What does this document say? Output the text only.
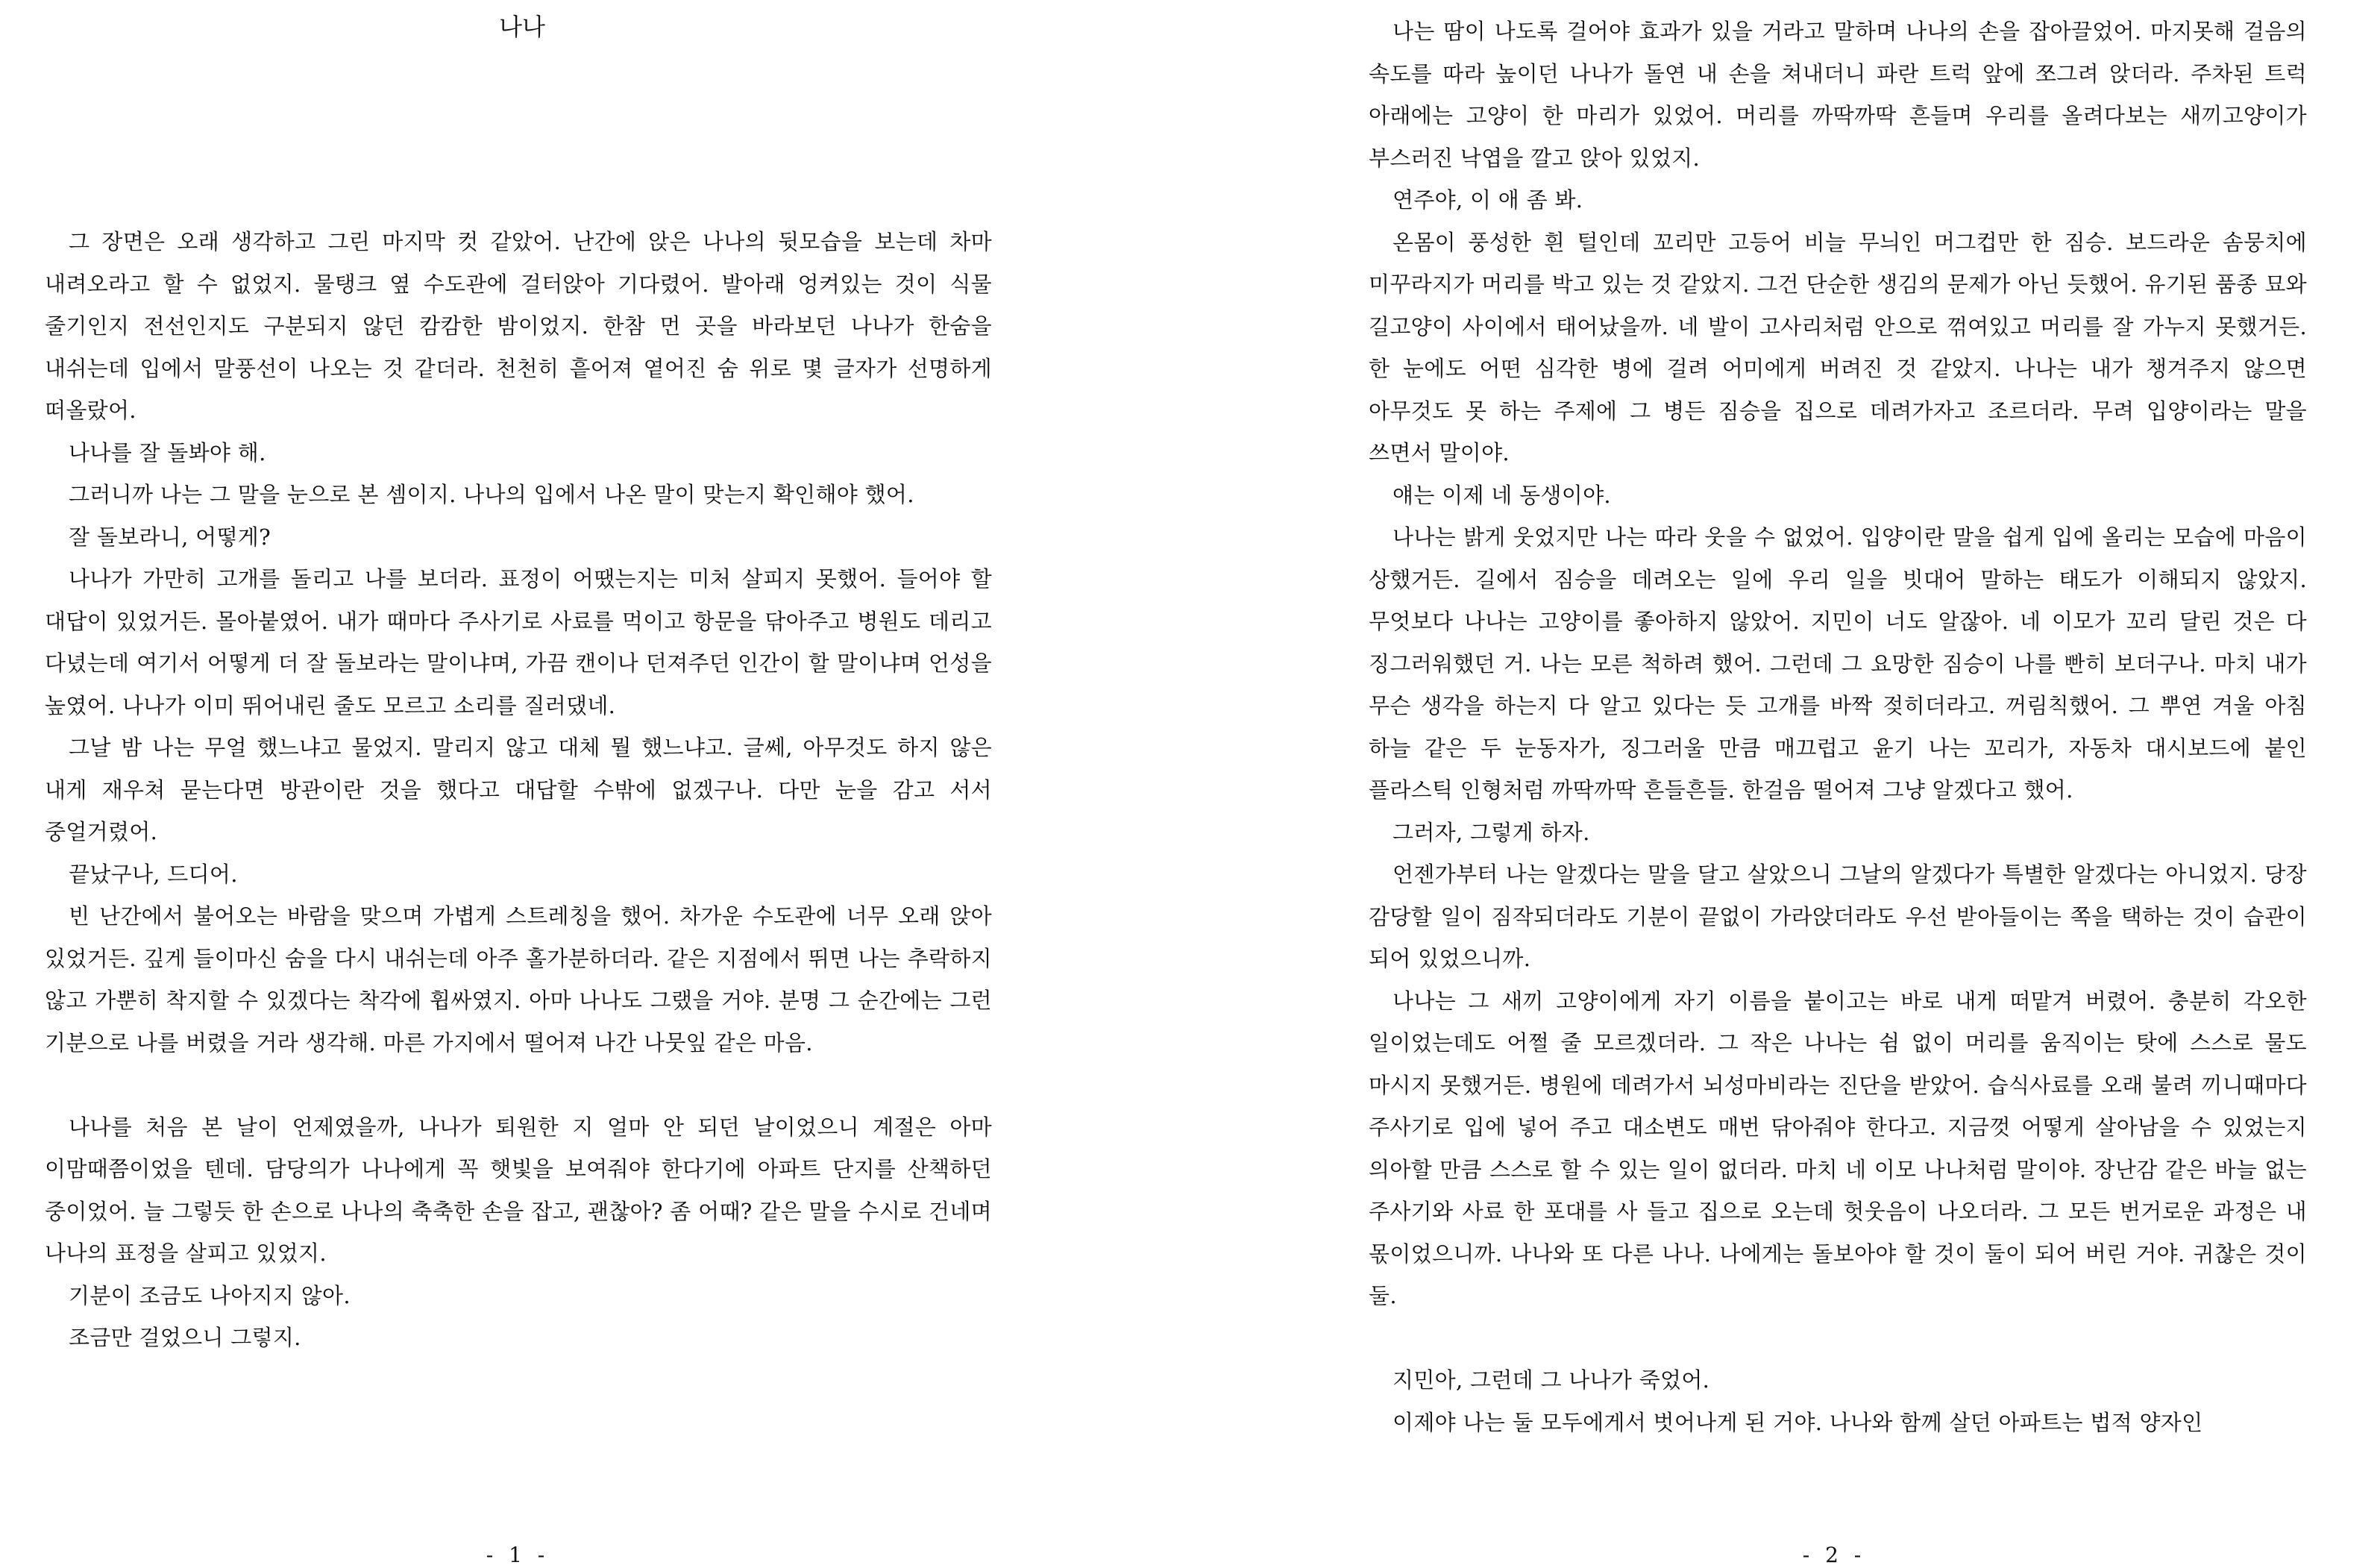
나나

그 장면은 오래 생각하고 그린 마지막 컷 같았어. 난간에 앉은 나나의 뒷모습을 보는데 차마 내려오라고 할 수 없었지. 물탱크 옆 수도관에 걸터앉아 기다렸어. 발아래 엉켜있는 것이 식물 줄기인지 전선인지도 구분되지 않던 캄캄한 밤이었지. 한참 먼 곳을 바라보던 나나가 한숨을 내쉬는데 입에서 말풍선이 나오는 것 같더라. 천천히 흩어져 옅어진 숨 위로 몇 글자가 선명하게 떠올랐어.

나나를 잘 돌봐야 해.

그러니까 나는 그 말을 눈으로 본 셈이지. 나나의 입에서 나온 말이 맞는지 확인해야 했어.

잘 돌보라니, 어떻게?

나나가 가만히 고개를 돌리고 나를 보더라. 표정이 어땠는지는 미처 살피지 못했어. 들어야 할 대답이 있었거든. 몰아붙였어. 내가 때마다 주사기로 사료를 먹이고 항문을 닦아주고 병원도 데리고 다녔는데 여기서 어떻게 더 잘 돌보라는 말이냐며, 가끔 캔이나 던져주던 인간이 할 말이냐며 언성을 높였어. 나나가 이미 뛰어내린 줄도 모르고 소리를 질러댔네.

그날 밤 나는 무얼 했느냐고 물었지. 말리지 않고 대체 뭘 했느냐고. 글쎄, 아무것도 하지 않은 내게 재우쳐 묻는다면 방관이란 것을 했다고 대답할 수밖에 없겠구나. 다만 눈을 감고 서서 중얼거렸어.

끝났구나, 드디어.

빈 난간에서 불어오는 바람을 맞으며 가볍게 스트레칭을 했어. 차가운 수도관에 너무 오래 앉아 있었거든. 깊게 들이마신 숨을 다시 내쉬는데 아주 홀가분하더라. 같은 지점에서 뛰면 나는 추락하지 않고 가뿐히 착지할 수 있겠다는 착각에 휩싸였지. 아마 나나도 그랬을 거야. 분명 그 순간에는 그런 기분으로 나를 버렸을 거라 생각해. 마른 가지에서 떨어져 나간 나뭇잎 같은 마음.

나나를 처음 본 날이 언제였을까, 나나가 퇴원한 지 얼마 안 되던 날이었으니 계절은 아마 이맘때쯤이었을 텐데. 담당의가 나나에게 꼭 햇빛을 보여줘야 한다기에 아파트 단지를 산책하던 중이었어. 늘 그렇듯 한 손으로 나나의 축축한 손을 잡고, 괜찮아? 좀 어때? 같은 말을 수시로 건네며 나나의 표정을 살피고 있었지.

기분이 조금도 나아지지 않아.

조금만 걸었으니 그렇지.

- 1 -

나는 땀이 나도록 걸어야 효과가 있을 거라고 말하며 나나의 손을 잡아끌었어. 마지못해 걸음의 속도를 따라 높이던 나나가 돌연 내 손을 쳐내더니 파란 트럭 앞에 쪼그려 앉더라. 주차된 트럭 아래에는 고양이 한 마리가 있었어. 머리를 까딱까딱 흔들며 우리를 올려다보는 새끼고양이가 부스러진 낙엽을 깔고 앉아 있었지.

연주야, 이 애 좀 봐.

온몸이 풍성한 흰 털인데 꼬리만 고등어 비늘 무늬인 머그컵만 한 짐승. 보드라운 솜뭉치에 미꾸라지가 머리를 박고 있는 것 같았지. 그건 단순한 생김의 문제가 아닌 듯했어. 유기된 품종 묘와 길고양이 사이에서 태어났을까. 네 발이 고사리처럼 안으로 꺾여있고 머리를 잘 가누지 못했거든. 한 눈에도 어떤 심각한 병에 걸려 어미에게 버려진 것 같았지. 나나는 내가 챙겨주지 않으면 아무것도 못 하는 주제에 그 병든 짐승을 집으로 데려가자고 조르더라. 무려 입양이라는 말을 쓰면서 말이야.

얘는 이제 네 동생이야.

나나는 밝게 웃었지만 나는 따라 웃을 수 없었어. 입양이란 말을 쉽게 입에 올리는 모습에 마음이 상했거든. 길에서 짐승을 데려오는 일에 우리 일을 빗대어 말하는 태도가 이해되지 않았지. 무엇보다 나나는 고양이를 좋아하지 않았어. 지민이 너도 알잖아. 네 이모가 꼬리 달린 것은 다 징그러워했던 거. 나는 모른 척하려 했어. 그런데 그 요망한 짐승이 나를 빤히 보더구나. 마치 내가 무슨 생각을 하는지 다 알고 있다는 듯 고개를 바짝 젖히더라고. 꺼림칙했어. 그 뿌연 겨울 아침 하늘 같은 두 눈동자가, 징그러울 만큼 매끄럽고 윤기 나는 꼬리가, 자동차 대시보드에 붙인 플라스틱 인형처럼 까딱까딱 흔들흔들. 한걸음 떨어져 그냥 알겠다고 했어.

그러자, 그렇게 하자.

언젠가부터 나는 알겠다는 말을 달고 살았으니 그날의 알겠다가 특별한 알겠다는 아니었지. 당장 감당할 일이 짐작되더라도 기분이 끝없이 가라앉더라도 우선 받아들이는 쪽을 택하는 것이 습관이 되어 있었으니까.

나나는 그 새끼 고양이에게 자기 이름을 붙이고는 바로 내게 떠맡겨 버렸어. 충분히 각오한 일이었는데도 어쩔 줄 모르겠더라. 그 작은 나나는 쉼 없이 머리를 움직이는 탓에 스스로 물도 마시지 못했거든. 병원에 데려가서 뇌성마비라는 진단을 받았어. 습식사료를 오래 불려 끼니때마다 주사기로 입에 넣어 주고 대소변도 매번 닦아줘야 한다고. 지금껏 어떻게 살아남을 수 있었는지 의아할 만큼 스스로 할 수 있는 일이 없더라. 마치 네 이모 나나처럼 말이야. 장난감 같은 바늘 없는 주사기와 사료 한 포대를 사 들고 집으로 오는데 헛웃음이 나오더라. 그 모든 번거로운 과정은 내 몫이었으니까. 나나와 또 다른 나나. 나에게는 돌보아야 할 것이 둘이 되어 버린 거야. 귀찮은 것이 둘.

지민아, 그런데 그 나나가 죽었어.

이제야 나는 둘 모두에게서 벗어나게 된 거야. 나나와 함께 살던 아파트는 법적 양자인

- 2 -
